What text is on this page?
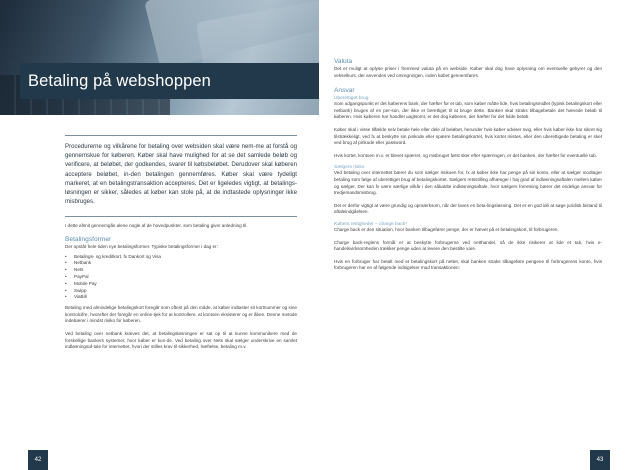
Betaling på webshoppen

Procedurerne og vilkårene for betaling over websiden skal være nem-me at forstå og gennemskue for køberen. Køber skal have mulighed for at se det samlede beløb og verificere, at beløbet, der godkendes, svarer til købsbeløbet. Derudover skal køberen acceptere beløbet, in-den betalingen gennemføres. Køber skal være tydeligt markeret, at en betalingstransaktion accepteres. Det er ligeledes vigtigt, at betalings-løsningen er sikker, således at køber kan stole på, at de indtastede oplysninger ikke misbruges.

I dette afsnit gennemgås alene nogle af de hovedpunkter, som betaling giver anledning til.

Betalingsformer

Der opstår hele tiden nye betalingsformer. Typiske betalingsformer i dag er:

• Betalings- og kreditkort, fx Dankort og Visa
• Netbank
• Nets
• PayPal
• Mobile Pay
• Swipp
• ViaBill

Betaling med almindelige betalingskort foregår som oftest på den måde, at køber indtaster sit kortnummer og sine kontrolcifre, hvorefter der foregår en online-tjek for at kontrollere, at kontoen eksisterer og er åben. Denne metode indebærer i mindst risiko for køberen.

Ved betaling over netbank kræves det, at betalingsløsningen er sat op til at kunne kommunikere med de forskellige bankers systemer, hvor køber er kun-de. Ved betaling over Nets skal sælger underskrive en samlet indløsningsaf-tale for internettet, hvori der stilles krav til sikkerhed, hæftelse, betaling m.v.

42
Valuta

Det er muligt at oplyse priser i fremmed valuta på en webside. Køber skal dog have oplysning om eventuelle gebyrer og den vekselkurs, der anvendes ved omregningen, inden købet gennemføres.

Ansvar
Uberettiget brug

Som udgangspunkt er det køberens bank, der hæfter for et tab, som køber måtte lide, hvis betalingsmidlet (typisk betalingskort eller netbank) bruges af en per-son, der ikke er berettiget til at bruge dette. Banken skal straks tilbagebetale det hævede beløb til køberen. Hvis køberen har handlet uagtsomt, er det dog køberen, der hæfter for det fulde beløb.

Køber skal i visse tilfælde selv betale hele eller dele af beløbet, herunder hvis køber udviser svig, eller hvis køber ikke har sikret sig tilstrækkeligt, ved fx at beskytte sin pinkode eller spærre betalingskortet, hvis kortet mistes, eller den uberettigede betaling er sket ved brug af pinkode eller password.

Hvis kortet, kontoen m.v. er blevet spærret, og misbruget først sker efter spærringen, er det banken, der hæfter for eventuelle tab.

Sælgers risiko

Ved betaling over internettet bærer du som sælger risikoen for, fx at køber ikke har penge på sin konto, eller at sælger modtager betaling som følge af uberettiget brug af betalingskortet. Sælgers retsstilling afhænger i høj grad af indløsningsaftalen mellem køber og sælger. Der kan fx være særlige vilkår i den såkaldte indløsningsaftale, hvor sælgers forretning bærer det endelige ansvar for tredjemandsmisbrug.

Det er derfor vigtigt at være grundig og opmærksom, når der laves en beta-lingsløsning. Det er en god idé at søge juridisk bistand til aftaleindgåelsen.

Købers rettigheder – charge back*

Charge back er den situation, hvor banken tilbagefører penge, der er hævet på et betalingskort, til forbrugeren.

Charge back-reglens formål er at beskytte forbrugerne ved netthandel, så de ikke risikerer at lide et tab, hvis e-handelsvirksomheden trækker penge uden at levere den bestilte vare.

Hvis en forbruger har betalt med et betalingskort på nettet, skal banken straks tilbageføre pengene til forbrugerens konto, hvis forbrugeren har en af følgende indsigelser mod transaktionen:

43
